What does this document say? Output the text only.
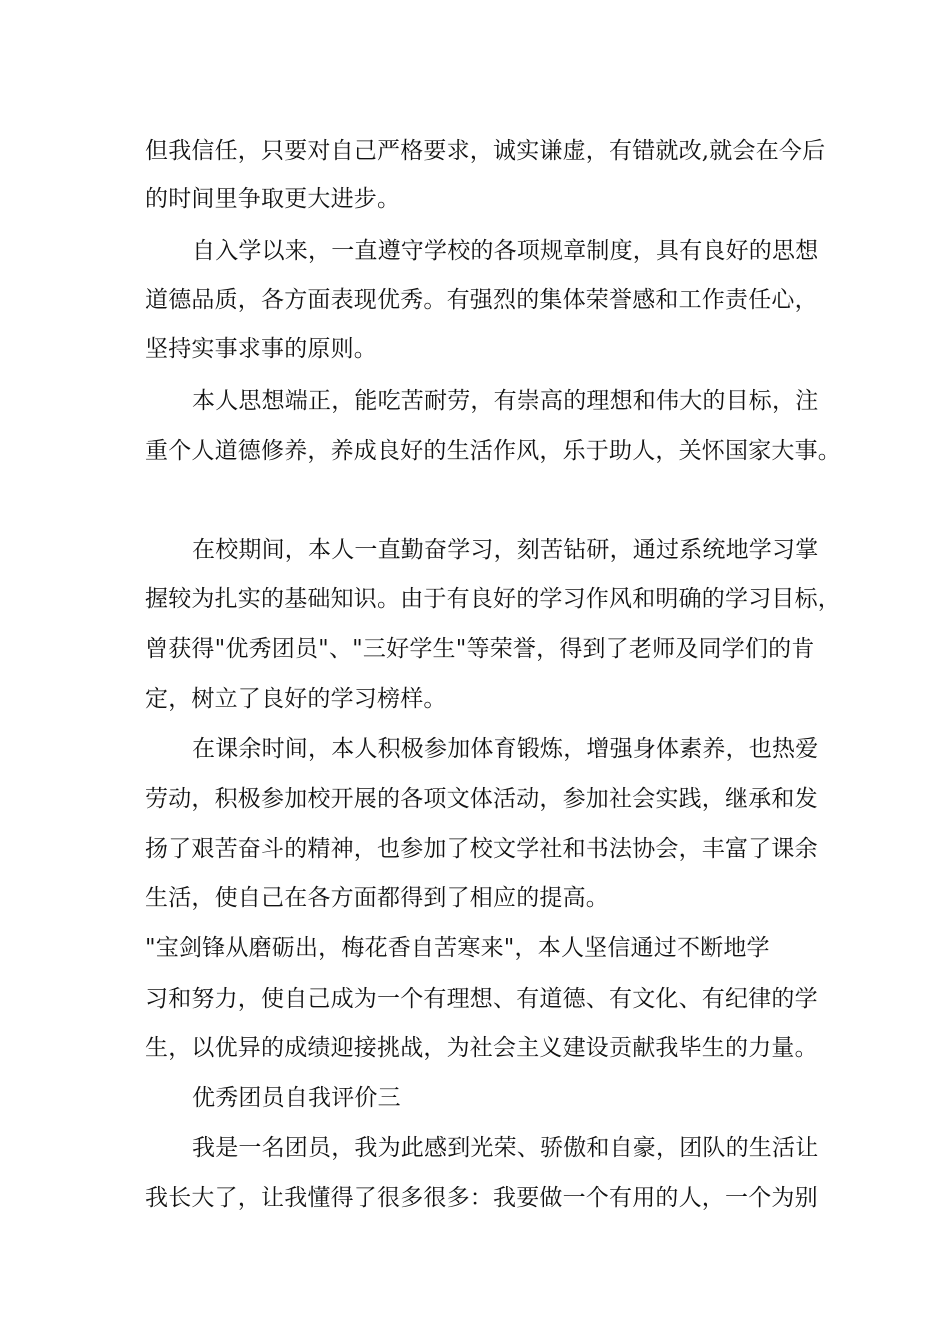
但我信任，只要对自己严格要求，诚实谦虚，有错就改,就会在今后
的时间里争取更大进步。
自入学以来，一直遵守学校的各项规章制度，具有良好的思想
道德品质，各方面表现优秀。有强烈的集体荣誉感和工作责任心，
坚持实事求事的原则。
本人思想端正，能吃苦耐劳，有崇高的理想和伟大的目标，注
重个人道德修养，养成良好的生活作风，乐于助人，关怀国家大事。
在校期间，本人一直勤奋学习，刻苦钻研，通过系统地学习掌
握较为扎实的基础知识。由于有良好的学习作风和明确的学习目标，
曾获得"优秀团员"、"三好学生"等荣誉，得到了老师及同学们的肯
定，树立了良好的学习榜样。
在课余时间，本人积极参加体育锻炼，增强身体素养，也热爱
劳动，积极参加校开展的各项文体活动，参加社会实践，继承和发
扬了艰苦奋斗的精神，也参加了校文学社和书法协会，丰富了课余
生活，使自己在各方面都得到了相应的提高。
"宝剑锋从磨砺出，梅花香自苦寒来"，本人坚信通过不断地学
习和努力，使自己成为一个有理想、有道德、有文化、有纪律的学
生，以优异的成绩迎接挑战，为社会主义建设贡献我毕生的力量。
优秀团员自我评价三
我是一名团员，我为此感到光荣、骄傲和自豪，团队的生活让
我长大了，让我懂得了很多很多：我要做一个有用的人，一个为别
